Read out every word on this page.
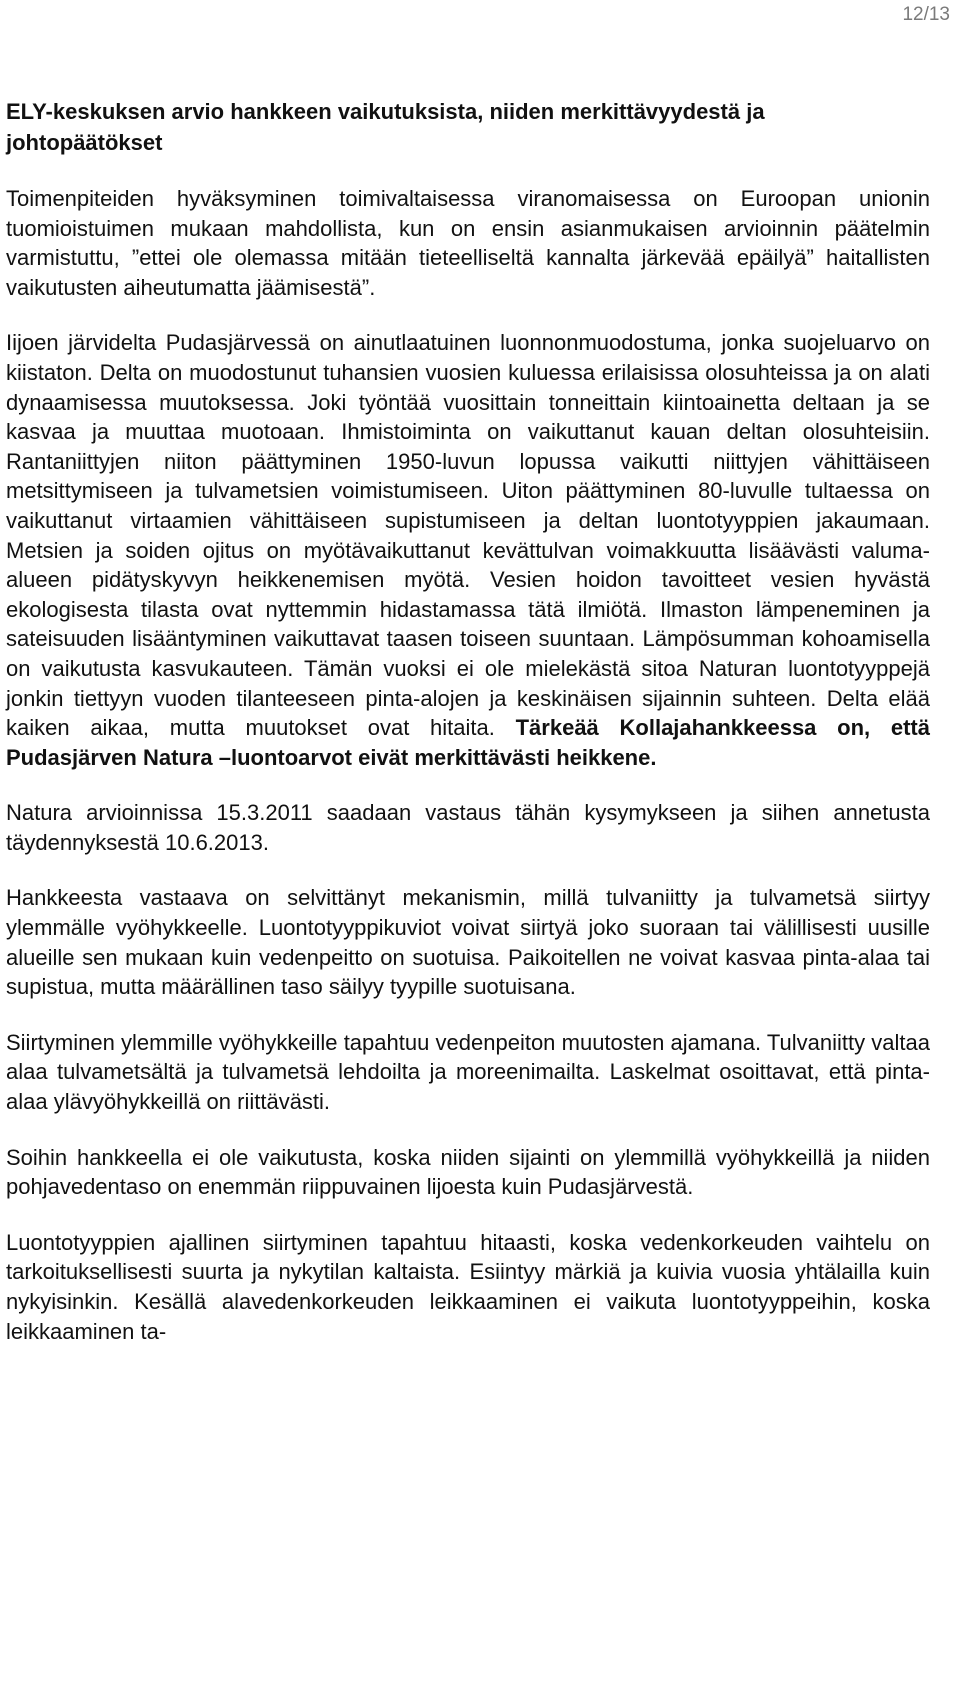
12/13
ELY-keskuksen arvio hankkeen vaikutuksista, niiden merkittävyydestä ja johtopäätökset

Toimenpiteiden hyväksyminen toimivaltaisessa viranomaisessa on Euroopan unionin tuomioistuimen mukaan mahdollista, kun on ensin asianmukaisen arvioinnin päätelmin varmistuttu, ”ettei ole olemassa mitään tieteelliseltä kannalta järkevää epäilyä” haitallisten vaikutusten aiheutumatta jäämisestä”.

Iijoen järvidelta Pudasjärvessä on ainutlaatuinen luonnonmuodostuma, jonka suojeluarvo on kiistaton. Delta on muodostunut tuhansien vuosien kuluessa erilaisissa olosuhteissa ja on alati dynaamisessa muutoksessa. Joki työntää vuosittain tonneittain kiintoainetta deltaan ja se kasvaa ja muuttaa muotoaan. Ihmistoiminta on vaikuttanut kauan deltan olosuhteisiin. Rantaniittyjen niiton päättyminen 1950-luvun lopussa vaikutti niittyjen vähittäiseen metsittymiseen ja tulvametsien voimistumiseen. Uiton päättyminen 80-luvulle tultaessa on vaikuttanut virtaamien vähittäiseen supistumiseen ja deltan luontotyyppien jakaumaan. Metsien ja soiden ojitus on myötävaikuttanut kevättulvan voimakkuutta lisäävästi valuma-alueen pidätyskyvyn heikkenemisen myötä. Vesien hoidon tavoitteet vesien hyvästä ekologisesta tilasta ovat nyttemmin hidastamassa tätä ilmiötä. Ilmaston lämpeneminen ja sateisuuden lisääntyminen vaikuttavat taasen toiseen suuntaan. Lämpösumman kohoamisella on vaikutusta kasvukauteen. Tämän vuoksi ei ole mielekästä sitoa Naturan luontotyyppejä jonkin tiettyyn vuoden tilanteeseen pinta-alojen ja keskinäisen sijainnin suhteen. Delta elää kaiken aikaa, mutta muutokset ovat hitaita. Tärkeää Kollajahankkeessa on, että Pudasjärven Natura –luontoarvot eivät merkittävästi heikkene.

Natura arvioinnissa 15.3.2011 saadaan vastaus tähän kysymykseen ja siihen annetusta täydennyksestä 10.6.2013.

Hankkeesta vastaava on selvittänyt mekanismin, millä tulvaniitty ja tulvametsä siirtyy ylemmälle vyöhykkeelle. Luontotyyppikuviot voivat siirtyä joko suoraan tai välillisesti uusille alueille sen mukaan kuin vedenpeitto on suotuisa. Paikoitellen ne voivat kasvaa pinta-alaa tai supistua, mutta määrällinen taso säilyy tyypille suotuisana.

Siirtyminen ylemmille vyöhykkeille tapahtuu vedenpeiton muutosten ajamana. Tulvaniitty valtaa alaa tulvametsältä ja tulvametsä lehdoilta ja moreenimailta. Laskelmat osoittavat, että pinta-alaa ylävyöhykkeillä on riittävästi.

Soihin hankkeella ei ole vaikutusta, koska niiden sijainti on ylemmillä vyöhykkeillä ja niiden pohjavedentaso on enemmän riippuvainen lijoesta kuin Pudasjärvestä.

Luontotyyppien ajallinen siirtyminen tapahtuu hitaasti, koska vedenkorkeuden vaihtelu on tarkoituksellisesti suurta ja nykytilan kaltaista. Esiintyy märkiä ja kuivia vuosia yhtälailla kuin nykyisinkin. Kesällä alavedenkorkeuden leikkaaminen ei vaikuta luontotyyppeihin, koska leikkaaminen ta-
